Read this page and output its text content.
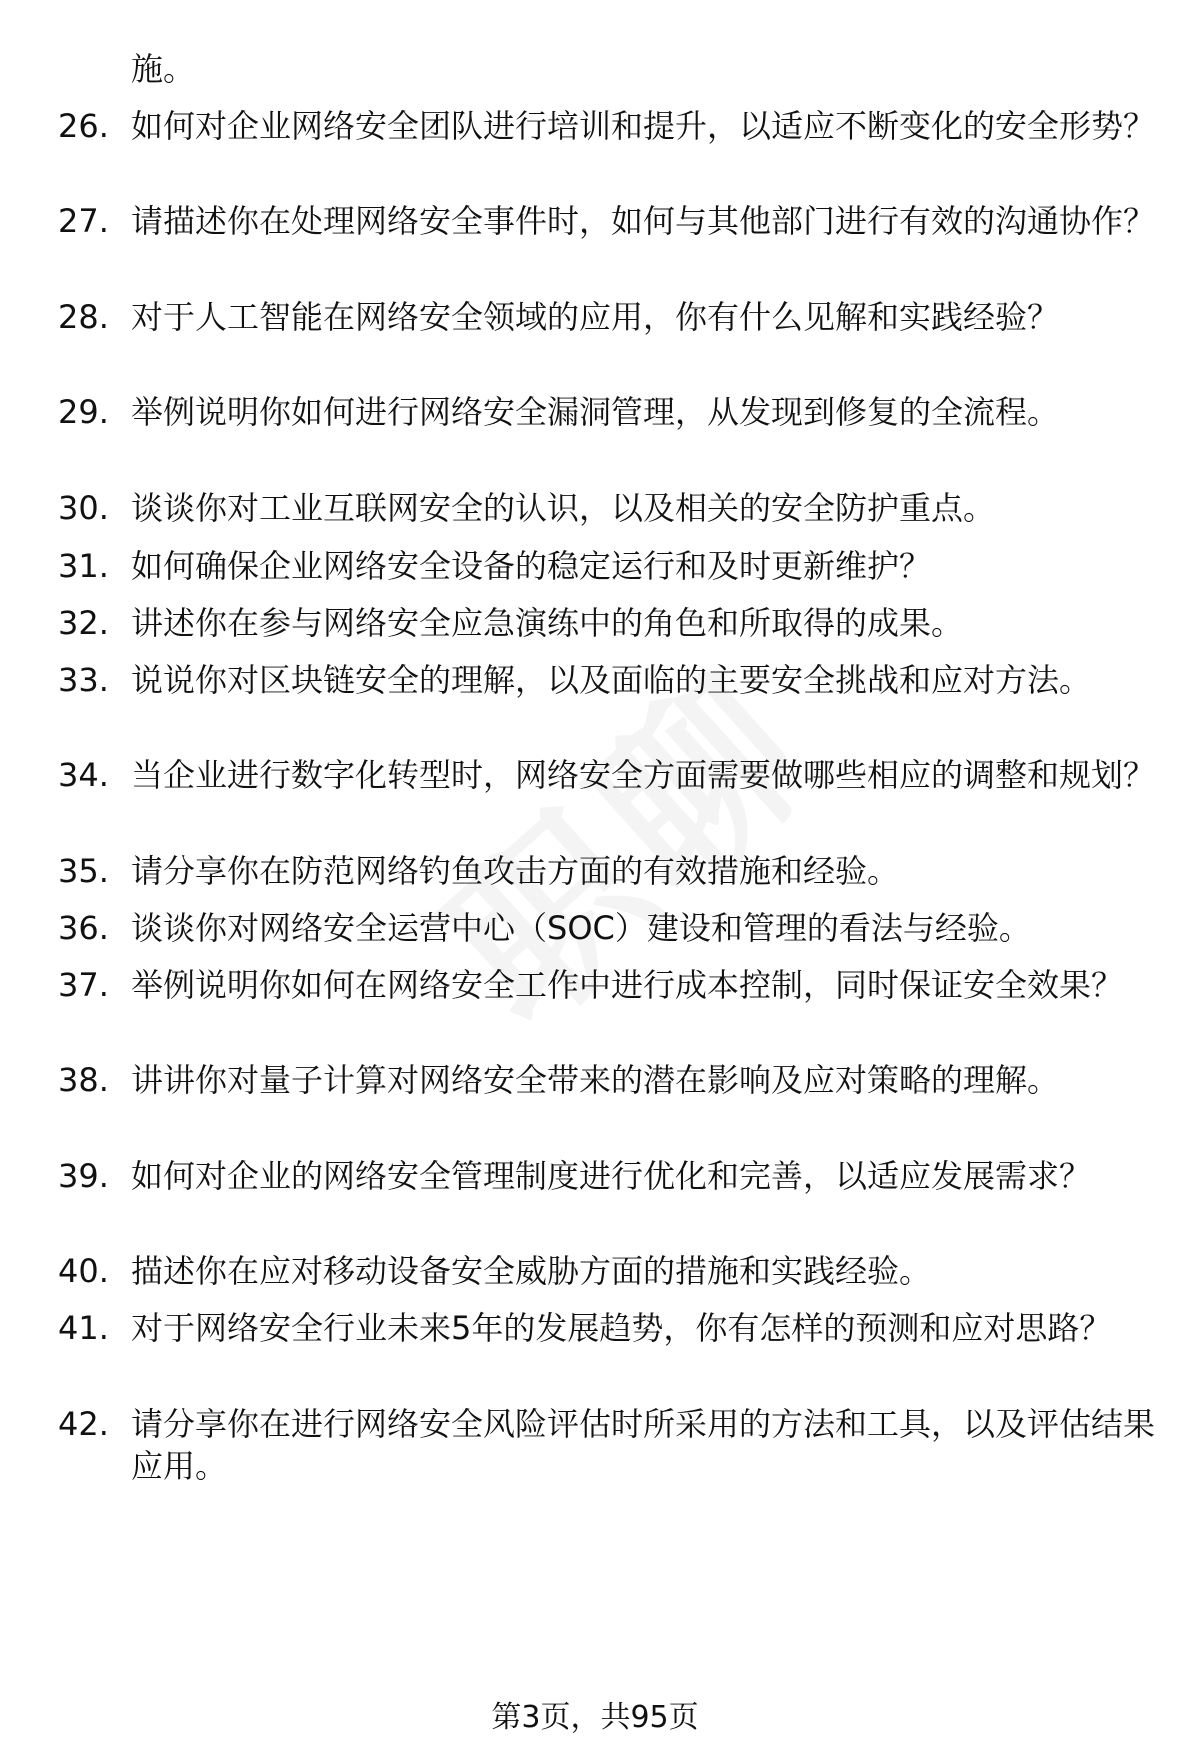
施。

26. 如何对企业网络安全团队进行培训和提升，以适应不断变化的安全形势？
27. 请描述你在处理网络安全事件时，如何与其他部门进行有效的沟通协作？
28. 对于人工智能在网络安全领域的应用，你有什么见解和实践经验？
29. 举例说明你如何进行网络安全漏洞管理，从发现到修复的全流程。
30. 谈谈你对工业互联网安全的认识，以及相关的安全防护重点。
31. 如何确保企业网络安全设备的稳定运行和及时更新维护？
32. 讲述你在参与网络安全应急演练中的角色和所取得的成果。
33. 说说你对区块链安全的理解，以及面临的主要安全挑战和应对方法。
34. 当企业进行数字化转型时，网络安全方面需要做哪些相应的调整和规划？
35. 请分享你在防范网络钓鱼攻击方面的有效措施和经验。
36. 谈谈你对网络安全运营中心（SOC）建设和管理的看法与经验。
37. 举例说明你如何在网络安全工作中进行成本控制，同时保证安全效果？
38. 讲讲你对量子计算对网络安全带来的潜在影响及应对策略的理解。
39. 如何对企业的网络安全管理制度进行优化和完善，以适应发展需求？
40. 描述你在应对移动设备安全威胁方面的措施和实践经验。
41. 对于网络安全行业未来5年的发展趋势，你有怎样的预测和应对思路？
42. 请分享你在进行网络安全风险评估时所采用的方法和工具，以及评估结果应用。
第3页，共95页
